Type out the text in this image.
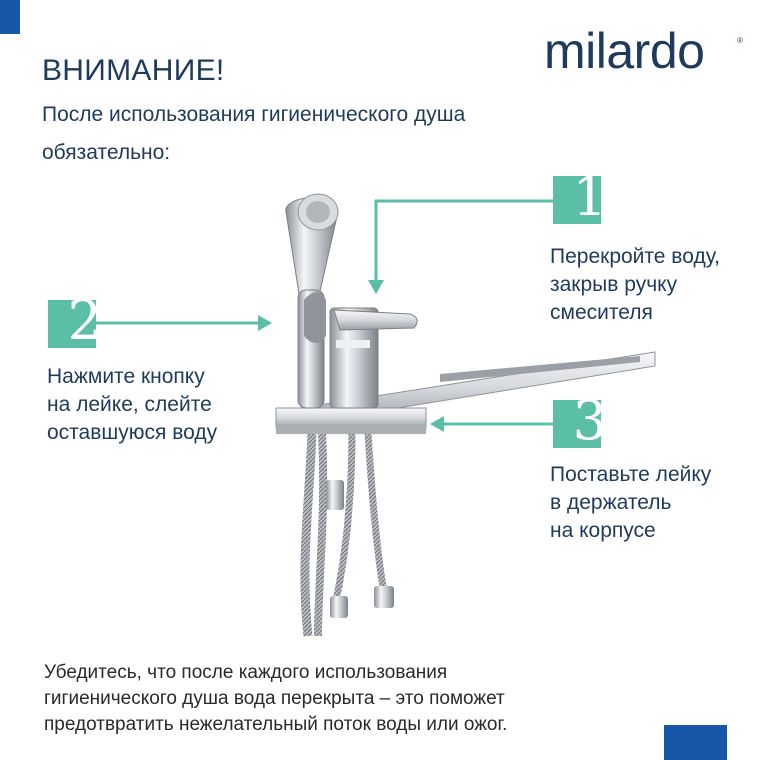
milardo	®
ВНИМАНИЕ!
После использования гигиенического душа обязательно:
1
2
3
Перекройте воду,
закрыв ручку
смесителя
Нажмите кнопку
на лейке, слейте
оставшуюся воду
Поставьте лейку
в держатель
на корпусе
Убедитесь, что после каждого использования
гигиенического душа вода перекрыта – это поможет
предотвратить нежелательный поток воды или ожог.
